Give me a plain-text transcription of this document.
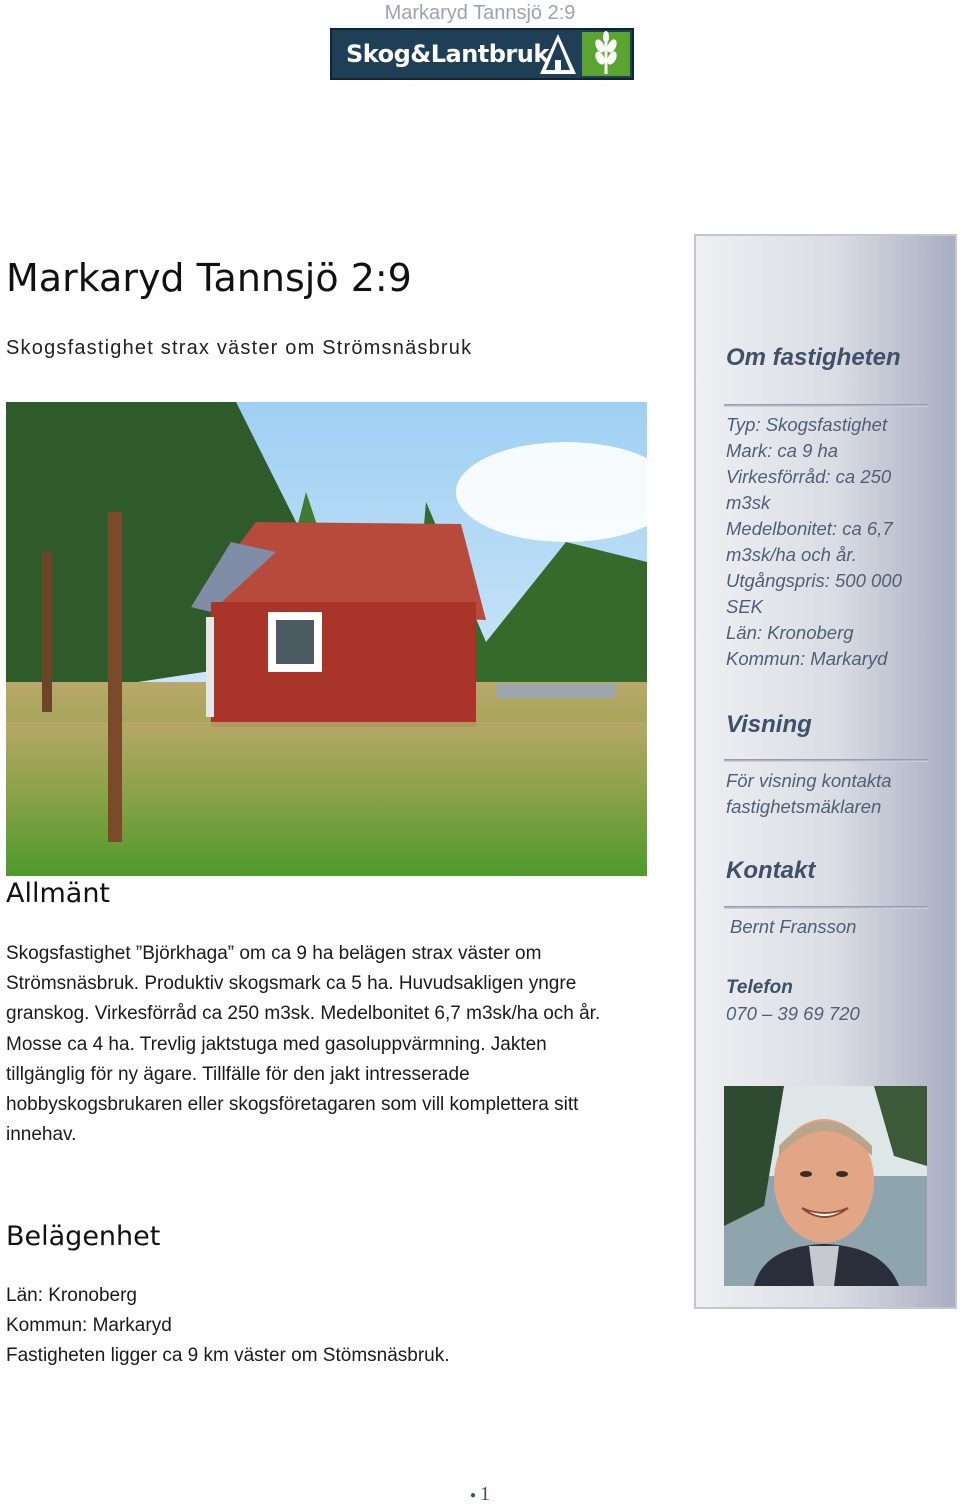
Markaryd Tannsjö 2:9
Skog&Lantbruk
Markaryd Tannsjö 2:9
Skogsfastighet strax väster om Strömsnäsbruk
Allmänt
Skogsfastighet ”Björkhaga” om ca 9 ha belägen strax väster om
Strömsnäsbruk. Produktiv skogsmark ca 5 ha. Huvudsakligen yngre
granskog. Virkesförråd ca 250 m3sk. Medelbonitet 6,7 m3sk/ha och år.
Mosse ca 4 ha. Trevlig jaktstuga med gasoluppvärmning. Jakten
tillgänglig för ny ägare. Tillfälle för den jakt intresserade
hobbyskogsbrukaren eller skogsföretagaren som vill komplettera sitt
innehav.
Belägenhet
Län: Kronoberg
Kommun: Markaryd
Fastigheten ligger ca 9 km väster om Stömsnäsbruk.
Om fastigheten
Typ: Skogsfastighet
Mark: ca 9 ha
Virkesförråd: ca 250
m3sk
Medelbonitet: ca 6,7
m3sk/ha och år.
Utgångspris: 500 000
SEK
Län: Kronoberg
Kommun: Markaryd
Visning
För visning kontakta
fastighetsmäklaren
Kontakt
Bernt Fransson
Telefon
070 – 39 69 720
● 1
